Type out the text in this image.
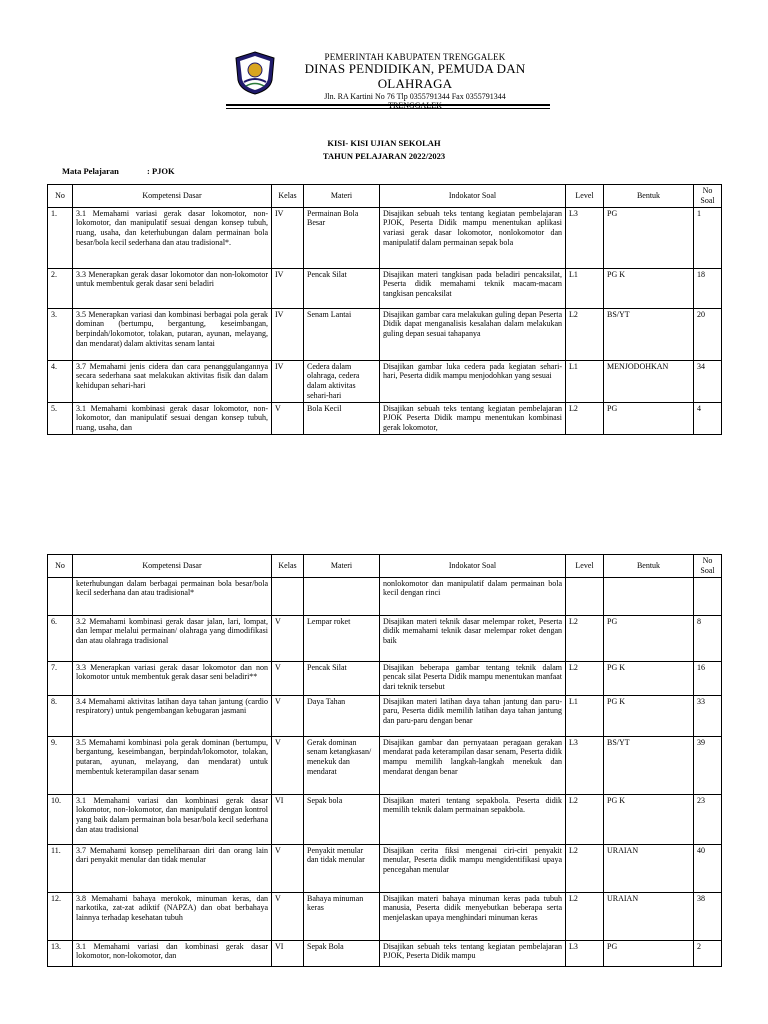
PEMERINTAH KABUPATEN TRENGGALEK
DINAS PENDIDIKAN, PEMUDA DAN OLAHRAGA
Jln. RA Kartini No 76 Tlp 0355791344 Fax 0355791344
TRENGGALEK
KISI- KISI UJIAN SEKOLAH
TAHUN PELAJARAN 2022/2023
Mata Pelajaran	: PJOK
No	Kompetensi Dasar	Kelas	Materi	Indokator Soal	Level	Bentuk	No Soal
1.	3.1 Memahami variasi gerak dasar lokomotor, non-lokomotor, dan manipulatif sesuai dengan konsep tubuh, ruang, usaha, dan keterhubungan dalam permainan bola besar/bola kecil sederhana dan atau tradisional*.	IV	Permainan Bola Besar	Disajikan sebuah teks tentang kegiatan pembelajaran PJOK, Peserta Didik mampu menentukan aplikasi variasi gerak dasar lokomotor, nonlokomotor dan manipulatif dalam permainan sepak bola	L3	PG	1
2.	3.3 Menerapkan gerak dasar lokomotor dan non-lokomotor untuk membentuk gerak dasar seni beladiri	IV	Pencak Silat	Disajikan materi tangkisan pada beladiri pencaksilat, Peserta didik memahami teknik macam-macam tangkisan pencaksilat	L1	PG K	18
3.	3.5 Menerapkan variasi dan kombinasi berbagai pola gerak dominan (bertumpu, bergantung, keseimbangan, berpindah/lokomotor, tolakan, putaran, ayunan, melayang, dan mendarat) dalam aktivitas senam lantai	IV	Senam Lantai	Disajikan gambar cara melakukan guling depan Peserta Didik dapat menganalisis kesalahan dalam melakukan guling depan sesuai tahapanya	L2	BS/YT	20
4.	3.7 Memahami jenis cidera dan cara penanggulangannya secara sederhana saat melakukan aktivitas fisik dan dalam kehidupan sehari-hari	IV	Cedera dalam olahraga, cedera dalam aktivitas sehari-hari	Disajikan gambar luka cedera pada kegiatan sehari-hari, Peserta didik mampu menjodohkan yang sesuai	L1	MENJODOHKAN	34
5.	3.1 Memahami kombinasi gerak dasar lokomotor, non-lokomotor, dan manipulatif sesuai dengan konsep tubuh, ruang, usaha, dan	V	Bola Kecil	Disajikan sebuah teks tentang kegiatan pembelajaran PJOK Peserta Didik mampu menentukan kombinasi gerak lokomotor,	L2	PG	4
No	Kompetensi Dasar	Kelas	Materi	Indokator Soal	Level	Bentuk	No Soal
	keterhubungan dalam berbagai permainan bola besar/bola kecil sederhana dan atau tradisional*			nonlokomotor dan manipulatif dalam permainan bola kecil dengan rinci			
6.	3.2 Memahami kombinasi gerak dasar jalan, lari, lompat, dan lempar melalui permainan/ olahraga yang dimodifikasi dan atau olahraga tradisional	V	Lempar roket	Disajikan materi teknik dasar melempar roket, Peserta didik memahami teknik dasar melempar roket dengan baik	L2	PG	8
7.	3.3 Menerapkan variasi gerak dasar lokomotor dan non lokomotor untuk membentuk gerak dasar seni beladiri**	V	Pencak Silat	Disajikan beberapa gambar tentang teknik dalam pencak silat Peserta Didik mampu menentukan manfaat dari teknik tersebut	L2	PG K	16
8.	3.4 Memahami aktivitas latihan daya tahan jantung (cardio respiratory) untuk pengembangan kebugaran jasmani	V	Daya Tahan	Disajikan materi latihan daya tahan jantung dan paru-paru, Peserta didik memilih latihan daya tahan jantung dan paru-paru dengan benar	L1	PG K	33
9.	3.5 Memahami kombinasi pola gerak dominan (bertumpu, bergantung, keseimbangan, berpindah/lokomotor, tolakan, putaran, ayunan, melayang, dan mendarat) untuk membentuk keterampilan dasar senam	V	Gerak dominan senam ketangkasan/ menekuk dan mendarat	Disajikan gambar dan pernyataan peragaan gerakan mendarat pada keterampilan dasar senam, Peserta didik mampu memilih langkah-langkah menekuk dan mendarat dengan benar	L3	BS/YT	39
10.	3.1 Memahami variasi dan kombinasi gerak dasar lokomotor, non-lokomotor, dan manipulatif dengan kontrol yang baik dalam permainan bola besar/bola kecil sederhana dan atau tradisional	VI	Sepak bola	Disajikan materi tentang sepakbola. Peserta didik memilih teknik dalam permainan sepakbola.	L2	PG K	23
11.	3.7 Memahami konsep pemeliharaan diri dan orang lain dari penyakit menular dan tidak menular	V	Penyakit menular dan tidak menular	Disajikan cerita fiksi mengenai ciri-ciri penyakit menular, Peserta didik mampu mengidentifikasi upaya pencegahan menular	L2	URAIAN	40
12.	3.8 Memahami bahaya merokok, minuman keras, dan narkotika, zat-zat adiktif (NAPZA) dan obat berbahaya lainnya terhadap kesehatan tubuh	V	Bahaya minuman keras	Disajikan materi bahaya minuman keras pada tubuh manusia, Peserta didik menyebutkan beberapa serta menjelaskan upaya menghindari minuman keras	L2	URAIAN	38
13.	3.1 Memahami variasi dan kombinasi gerak dasar lokomotor, non-lokomotor, dan	VI	Sepak Bola	Disajikan sebuah teks tentang kegiatan pembelajaran PJOK, Peserta Didik mampu	L3	PG	2
